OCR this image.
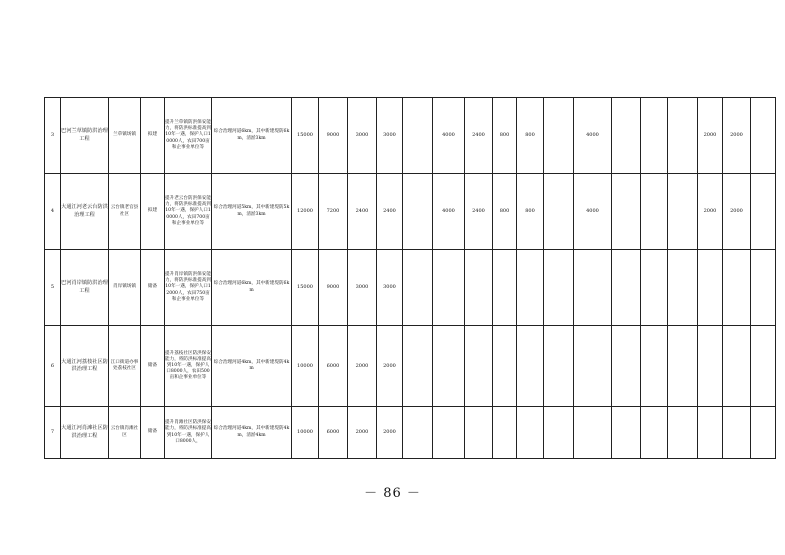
3	巴河兰草镇防洪治理工程	兰草镇场镇	拟建	提升兰草镇防洪保安能力，将防洪标准提高到10年一遇，保护人口10000人，农田700亩和企事业单位等	综合治理河道6km，其中新建堤防6km，清淤3km	15000	9000	3000	3000		4000	2400	800	800		4000				2000	2000	
4	大通江河老云台防洪治理工程	云台镇老官县社区	拟建	提升老云台防洪保安能力，将防洪标准提高到10年一遇，保护人口10000人，农田700亩和企事业单位等	综合治理河道5km，其中新建堤防5km，清淤3km	12000	7200	2400	2400		4000	2400	800	800		4000				2000	2000	
5	巴河肖岸镇防洪治理工程	肖岸镇场镇	储备	提升肖岸镇防洪保安能力，将防洪标准提高到10年一遇，保护人口12000人，农田750亩和企事业单位等	综合治理河道6km，其中新建堤防6km	15000	9000	3000	3000													
6	大通江河荔枝社区防洪治理工程	江口街道办事处荔枝社区	储备	提升荔枝社区防洪保安能力，将防洪标准提高到10年一遇，保护人口8000人，农田500亩和企事业单位等	综合治理河道4km，其中新建堤防4km	10000	6000	2000	2000													
7	大通江河肖滩社区防洪治理工程	云台镇肖滩社区	储备	提升肖滩社区防洪保安能力，将防洪标准提高到10年一遇，保护人口8000人，	综合治理河道4km，其中新建堤防4km，清淤4km	10000	6000	2000	2000													
－ 86 －
